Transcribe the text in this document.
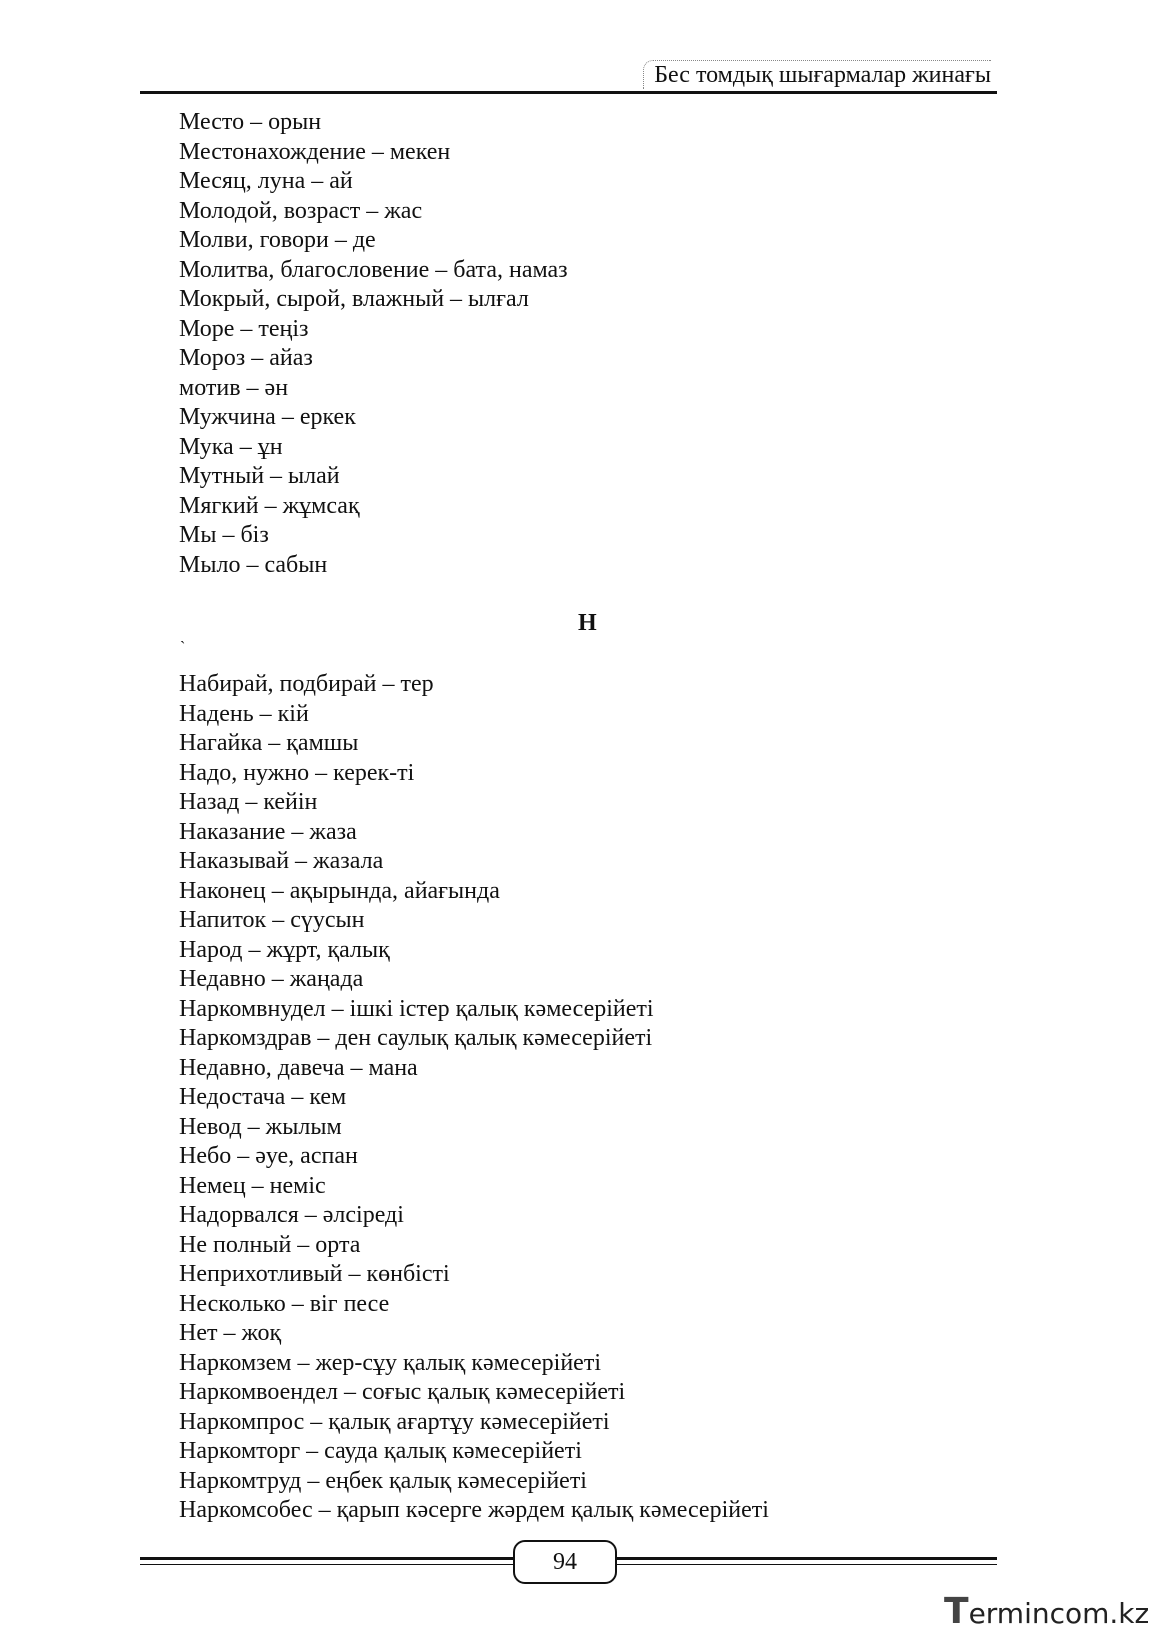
Бес томдық шығармалар жинағы
Место – орын
Местонахождение – мекен
Месяц, луна – ай
Молодой, возраст – жас
Молви, говори – де
Молитва, благословение – бата, намаз
Мокрый, сырой, влажный – ылғал
Море – теңіз
Мороз – айаз
мотив – əн
Мужчина – еркек
Мука – ұн
Мутный – ылай
Мягкий – жұмсақ
Мы – біз
Мыло – сабын
Н
`
Набирай, подбирай – тер
Надень – кій
Нагайка – қамшы
Надо, нужно – керек-ті
Назад – кейін
Наказание – жаза
Наказывай – жазала
Наконец – ақырында, айағында
Напиток – сүусын
Народ – жұрт, қалық
Недавно – жаңада
Наркомвнудел – ішкі істер қалық кəмесерійеті
Наркомздрав – ден саулық қалық кəмесерійеті
Недавно, давеча – мана
Недостача – кем
Невод – жылым
Небо – əуе, аспан
Немец – неміс
Надорвался – əлсіреді
Не полный – орта
Неприхотливый – көнбісті
Несколько – віг песе
Нет – жоқ
Наркомзем – жер-сұу қалық кəмесерійеті
Наркомвоендел – соғыс қалық кəмесерійеті
Наркомпрос – қалық ағартұу кəмесерійеті
Наркомторг – сауда қалық кəмесерійеті
Наркомтруд – еңбек қалық кəмесерійеті
Наркомсобес – қарып кəсерге жəрдем қалық кəмесерійеті
94
Termincom.kz
